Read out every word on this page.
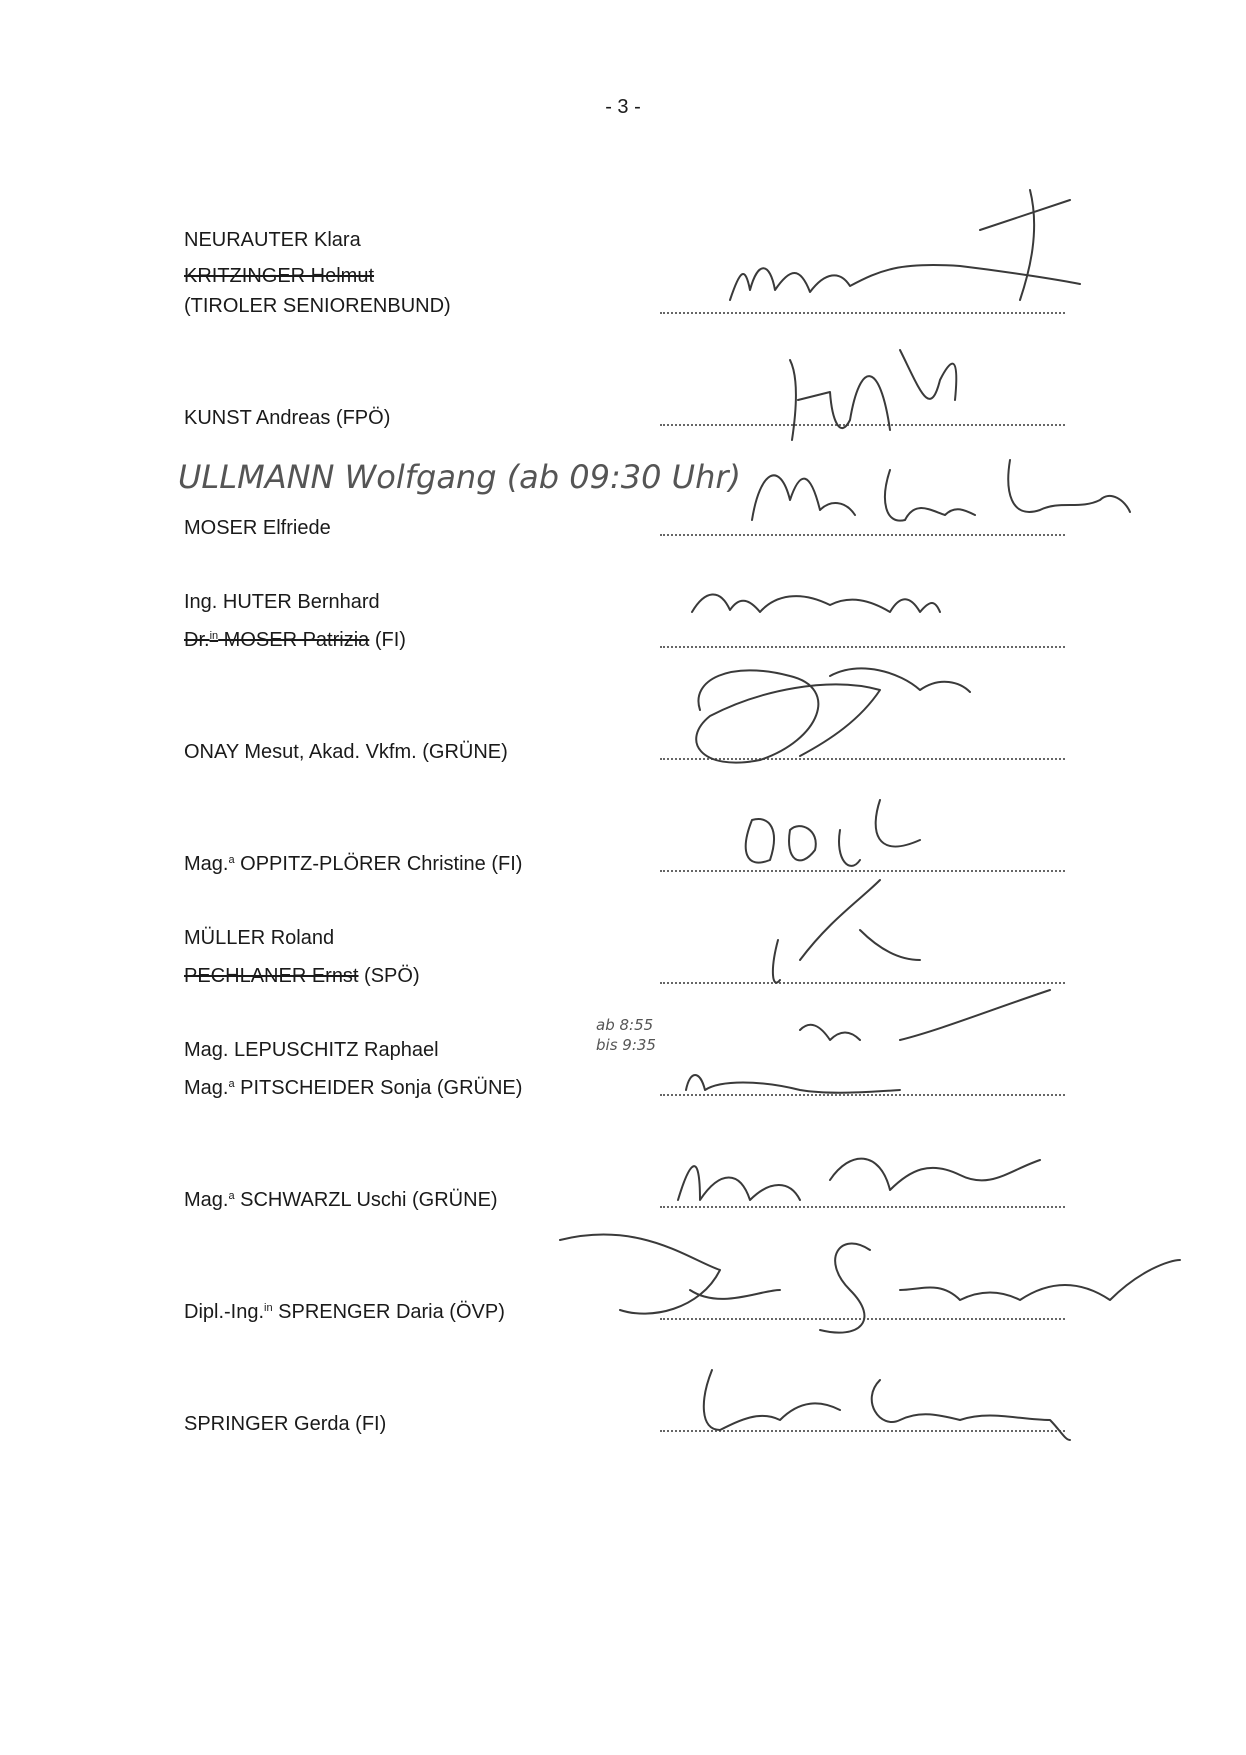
- 3 -
NEURAUTER Klara
KRITZINGER Helmut
(TIROLER SENIORENBUND)
KUNST Andreas (FPÖ)
ULLMANN Wolfgang (ab 09:30 Uhr)
MOSER Elfriede
Ing. HUTER Bernhard
Dr.$^{in}$ MOSER Patrizia (FI)
ONAY Mesut, Akad. Vkfm. (GRÜNE)
Mag.$^a$ OPPITZ-PLÖRER Christine (FI)
MÜLLER Roland
PECHLANER Ernst (SPÖ)
Mag. LEPUSCHITZ Raphael
Mag.$^a$ PITSCHEIDER Sonja (GRÜNE)
ab 8:55
bis 9:35
Mag.$^a$ SCHWARZL Uschi (GRÜNE)
Dipl.-Ing.$^{in}$ SPRENGER Daria (ÖVP)
SPRINGER Gerda (FI)
